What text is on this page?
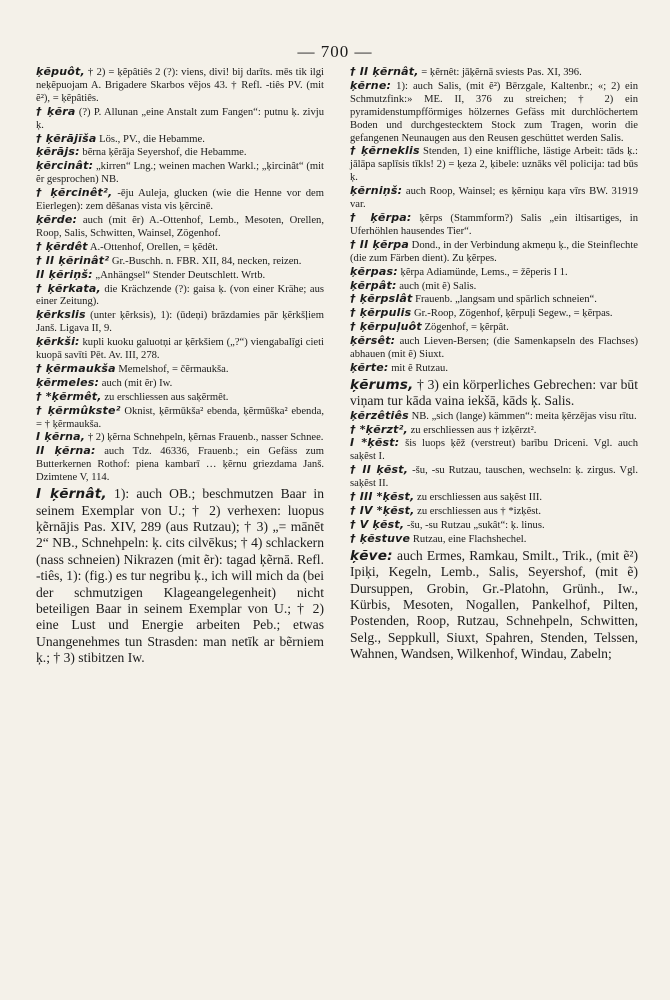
— 700 —

ķẽpuôt, † 2) = ķẽpâtiês 2 (?): viens, divi! bij darīts. mēs tik ilgi neķẽpuojam A. Brigadere Skarbos vējos 43. † Refl. -tiês PV. (mit ẽ²), = ķẽpâtiês.

† ķẽra (?) P. Allunan „eine Anstalt zum Fangen“: putnu ķ. zivju ķ.

† ķẽrājĩša Lös., PV., die Hebamme.

ķẽrājs: bẽrna ķẽrāja Seyershof, die Hebamme.

ķẽrcinât: „kirren“ Lng.; weinen machen Warkl.; „ķircinât“ (mit ẽr gesprochen) NB.

† ķẽrcinêt², -ēju Auleja, glucken (wie die Henne vor dem Eierlegen): zem dẽšanas vista vis ķẽrcinē.

ķẽrde: auch (mit ẽr) A.-Ottenhof, Lemb., Mesoten, Orellen, Roop, Salis, Schwitten, Wainsel, Zögenhof.

† ķẽrdêt A.-Ottenhof, Orellen, = ķẽdêt.

† II ķẽrinât² Gr.-Buschh. n. FBR. XII, 84, necken, reizen.

II ķẽriņš: „Anhängsel“ Stender Deutschlett. Wrtb.

† ķẽrkata, die Krächzende (?): gaisa ķ. (von einer Krähe; aus einer Zeitung).

ķẽrkslis (unter ķẽrksis), 1): (ūdeņi) brāzdamies pār ķẽrkšļiem Janš. Ligava II, 9.

ķẽrkši: kupli kuoku galuotņi ar ķẽrkšiem („?“) viengabalīgi cieti kuopā savīti Pēt. Av. III, 278.

† ķẽrmaukša Memelshof, = čẽrmaukša.

ķẽrmeles: auch (mit ẽr) Iw.

† *ķẽrmêt, zu erschliessen aus saķẽrmêt.

† ķẽrmûkste² Oknist, ķẽrmūkša² ebenda, ķẽrmūška² ebenda, = † ķẽrmaukša.

I ķẽrna, † 2) ķẽrna Schnehpeln, ķẽrnas Frauenb., nasser Schnee.

II ķẽrna: auch Tdz. 46336, Frauenb.; ein Gefäss zum Butterkernen Rothof: piena kambarī … ķẽrnu griezdama Janš. Dzimtene V, 114.

I ķẽrnât, 1): auch OB.; beschmutzen Baar in seinem Exemplar von U.; † 2) verhexen: luopus ķẽrnājis Pas. XIV, 289 (aus Rutzau); † 3) „= mānēt 2“ NB., Schnehpeln: ķ. cits cilvēkus; † 4) schlackern (nass schneien) Nikrazen (mit ẽr): tagad ķẽrnā. Refl. -tiês, 1): (fig.) es tur negribu ķ., ich will mich da (bei der schmutzigen Klageangelegenheit) nicht beteiligen Baar in seinem Exemplar von U.; † 2) eine Lust und Energie arbeiten Peb.; etwas Unangenehmes tun Strasden: man netīk ar bẽrniem ķ.; † 3) stibitzen Iw.

† II ķẽrnât, = ķẽrnêt: jāķẽrnā sviests Pas. XI, 396.

ķẽrne: 1): auch Salis, (mit ẽ²) Bērzgale, Kaltenbr.; «; 2) ein Schmutzfink:» ME. II, 376 zu streichen; † 2) ein pyramidenstumpfförmiges hölzernes Gefäss mit durchlöchertem Boden und durchgestecktem Stock zum Tragen, worin die gefangenen Neunaugen aus den Reusen geschüttet werden Salis.

† ķẽrneklis Stenden, 1) eine kniffliche, lästige Arbeit: tāds ķ.: jālāpa saplīsis tīkls! 2) = ķeza 2, ķibele: uznāks vēl policija: tad būs ķ.

ķẽrniņš: auch Roop, Wainsel; es ķẽrniņu kaŗa vīrs BW. 31919 var.

† ķẽrpa: ķẽrps (Stammform?) Salis „ein iltisartiges, in Uferhöhlen hausendes Tier“.

† II ķẽrpa Dond., in der Verbindung akmeņu ķ., die Steinflechte (die zum Färben dient). Zu ķẽrpes.

ķẽrpas: ķẽrpa Adiamünde, Lems., = žẽperis I 1.

ķẽrpât: auch (mit ẽ) Salis.

† ķẽrpslât Frauenb. „langsam und spärlich schneien“.

† ķẽrpulis Gr.-Roop, Zögenhof, ķẽrpuļi Segew., = ķẽrpas.

† ķẽrpuļuôt Zögenhof, = ķẽrpât.

ķẽrsêt: auch Lieven-Bersen; (die Samenkapseln des Flachses) abhauen (mit ẽ) Siuxt.

ķẽrte: mit ẽ Rutzau.

ķẽrums, † 3) ein körperliches Gebrechen: var būt viņam tur kāda vaina iekšā, kāds ķ. Salis.

ķẽrzêtiês NB. „sich (lange) kämmen“: meita ķẽrzējas visu rītu.

† *ķẽrzt², zu erschliessen aus † izķẽrzt².

I *ķẽst: šis luops ķẽž (verstreut) barību Driceni. Vgl. auch saķẽst I.

† II ķẽst, -šu, -su Rutzau, tauschen, wechseln: ķ. zirgus. Vgl. saķẽst II.

† III *ķẽst, zu erschliessen aus saķẽst III.

† IV *ķẽst, zu erschliessen aus † *izķẽst.

† V ķẽst, -šu, -su Rutzau „sukât“: ķ. linus.

† ķẽstuve Rutzau, eine Flachshechel.

ķẽve: auch Ermes, Ramkau, Smilt., Trik., (mit ẽ²) Ipiķi, Kegeln, Lemb., Salis, Seyershof, (mit ẽ) Dursuppen, Grobin, Gr.-Platohn, Grünh., Iw., Kürbis, Mesoten, Nogallen, Pankelhof, Pilten, Postenden, Roop, Rutzau, Schnehpeln, Schwitten, Selg., Seppkull, Siuxt, Spahren, Stenden, Telssen, Wahnen, Wandsen, Wilkenhof, Windau, Zabeln;
